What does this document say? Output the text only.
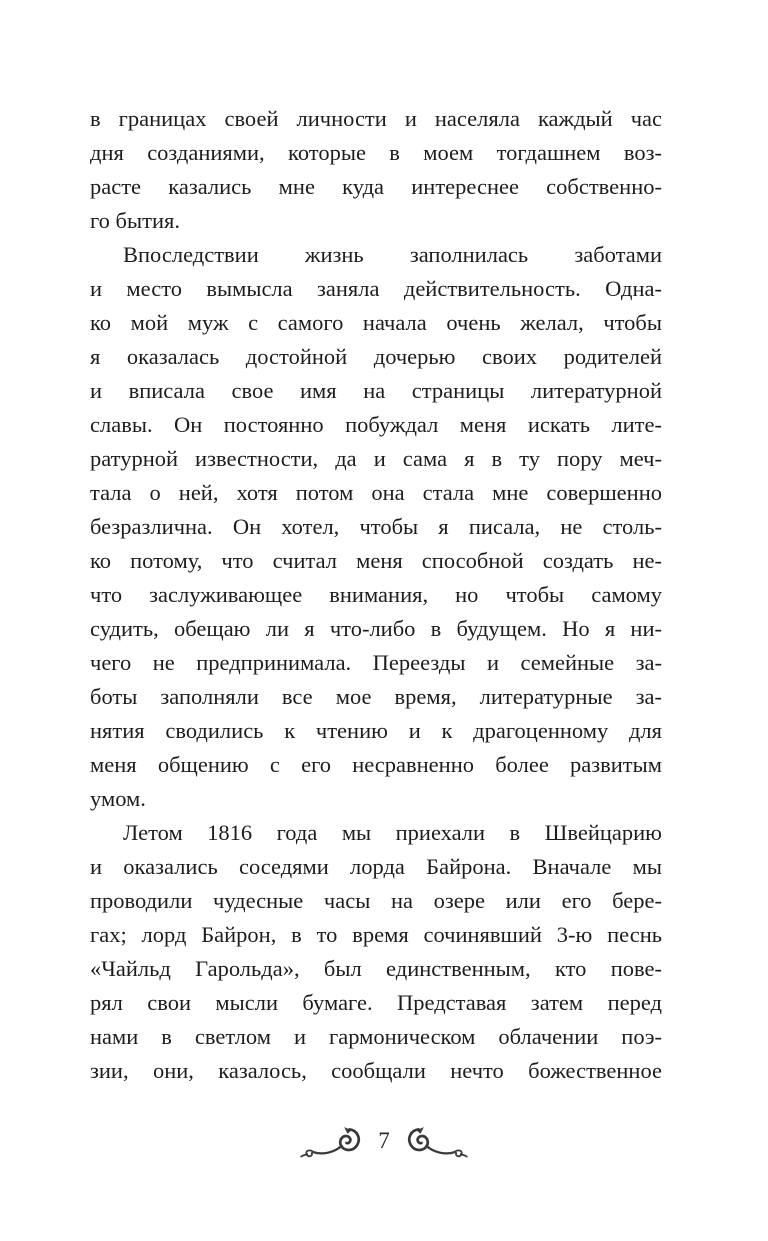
в границах своей личности и населяла каждый час
дня созданиями, которые в моем тогдашнем воз-
расте казались мне куда интереснее собственно-
го бытия.
Впоследствии жизнь заполнилась заботами
и место вымысла заняла действительность. Одна-
ко мой муж с самого начала очень желал, чтобы
я оказалась достойной дочерью своих родителей
и вписала свое имя на страницы литературной
славы. Он постоянно побуждал меня искать лите-
ратурной известности, да и сама я в ту пору меч-
тала о ней, хотя потом она стала мне совершенно
безразлична. Он хотел, чтобы я писала, не столь-
ко потому, что считал меня способной создать не-
что заслуживающее внимания, но чтобы самому
судить, обещаю ли я что-либо в будущем. Но я ни-
чего не предпринимала. Переезды и семейные за-
боты заполняли все мое время, литературные за-
нятия сводились к чтению и к драгоценному для
меня общению с его несравненно более развитым
умом.
Летом 1816 года мы приехали в Швейцарию
и оказались соседями лорда Байрона. Вначале мы
проводили чудесные часы на озере или его бере-
гах; лорд Байрон, в то время сочинявший 3-ю песнь
«Чайльд Гарольда», был единственным, кто пове-
рял свои мысли бумаге. Представая затем перед
нами в светлом и гармоническом облачении поэ-
зии, они, казалось, сообщали нечто божественное
7
